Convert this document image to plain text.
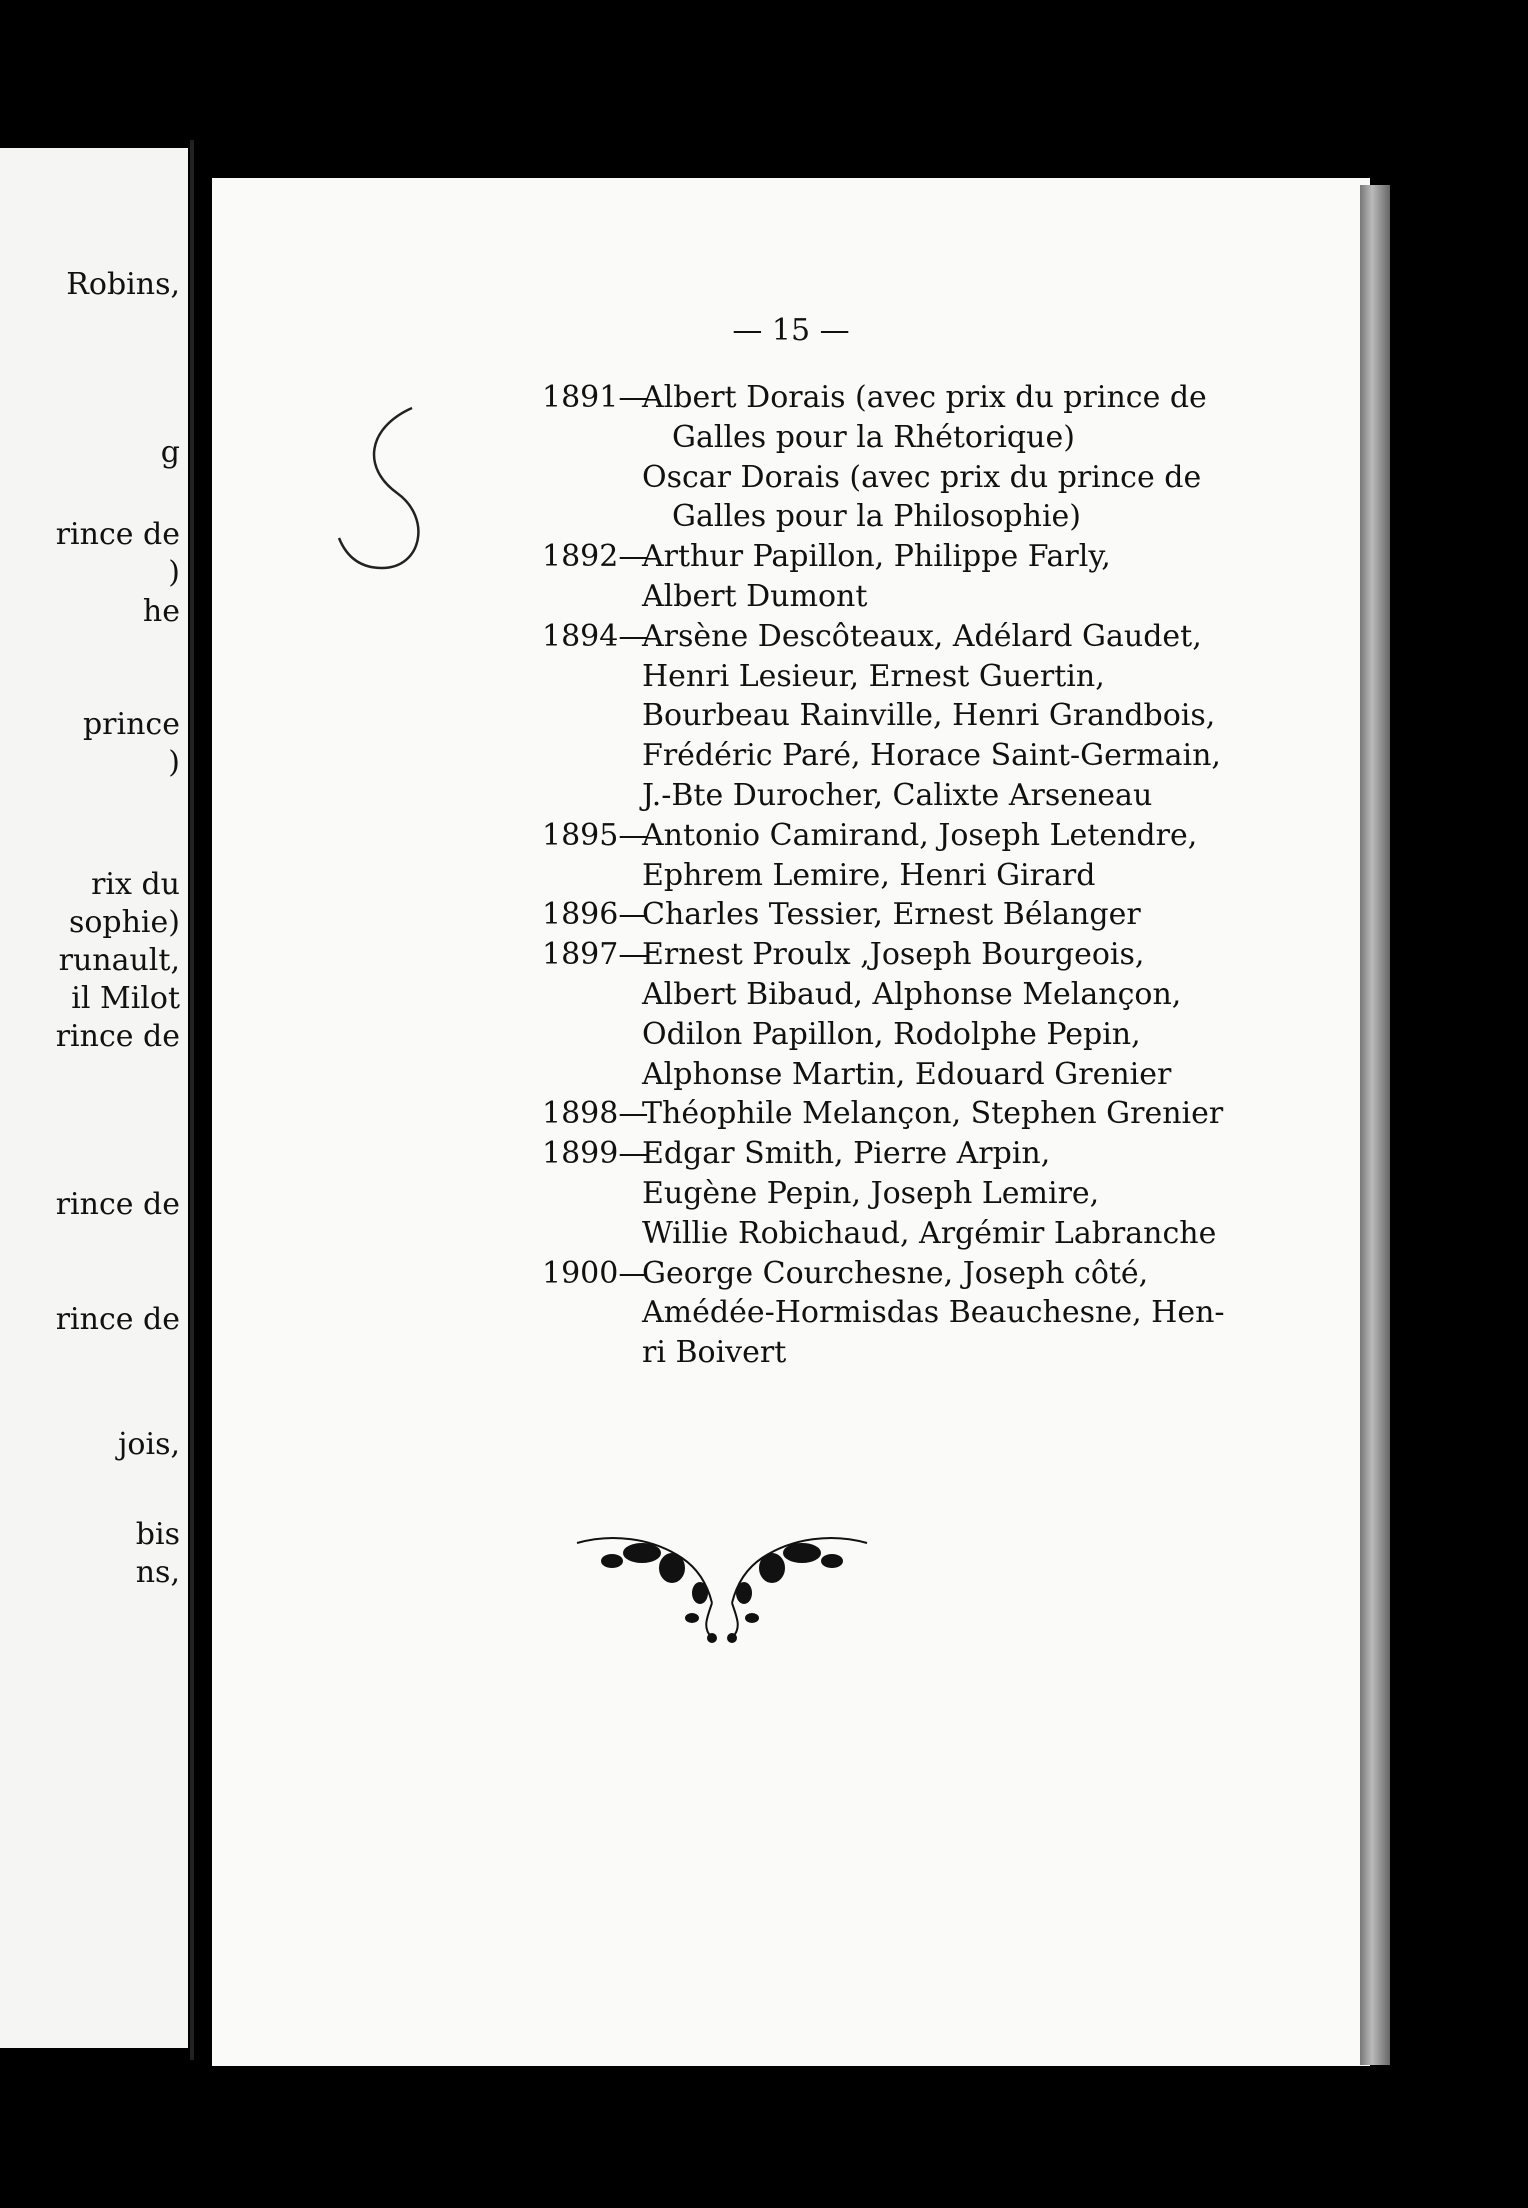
Robins,
g
rince de
)
he
prince
)
rix du
sophie)
runault,
il Milot
rince de
rince de
rince de
jois,
bis
ns,
— 15 —
1891—
Albert Dorais (avec prix du prince de
Galles pour la Rhétorique)
Oscar Dorais (avec prix du prince de
Galles pour la Philosophie)
1892—
Arthur Papillon, Philippe Farly,
Albert Dumont
1894—
Arsène Descôteaux, Adélard Gaudet,
Henri Lesieur, Ernest Guertin,
Bourbeau Rainville, Henri Grandbois,
Frédéric Paré, Horace Saint-Germain,
J.-Bte Durocher, Calixte Arseneau
1895—
Antonio Camirand, Joseph Letendre,
Ephrem Lemire, Henri Girard
1896—
Charles Tessier, Ernest Bélanger
1897—
Ernest Proulx ,Joseph Bourgeois,
Albert Bibaud, Alphonse Melançon,
Odilon Papillon, Rodolphe Pepin,
Alphonse Martin, Edouard Grenier
1898—
Théophile Melançon, Stephen Grenier
1899—
Edgar Smith, Pierre Arpin,
Eugène Pepin, Joseph Lemire,
Willie Robichaud, Argémir Labranche
1900—
George Courchesne, Joseph côté,
Amédée-Hormisdas Beauchesne, Hen-
ri Boivert
